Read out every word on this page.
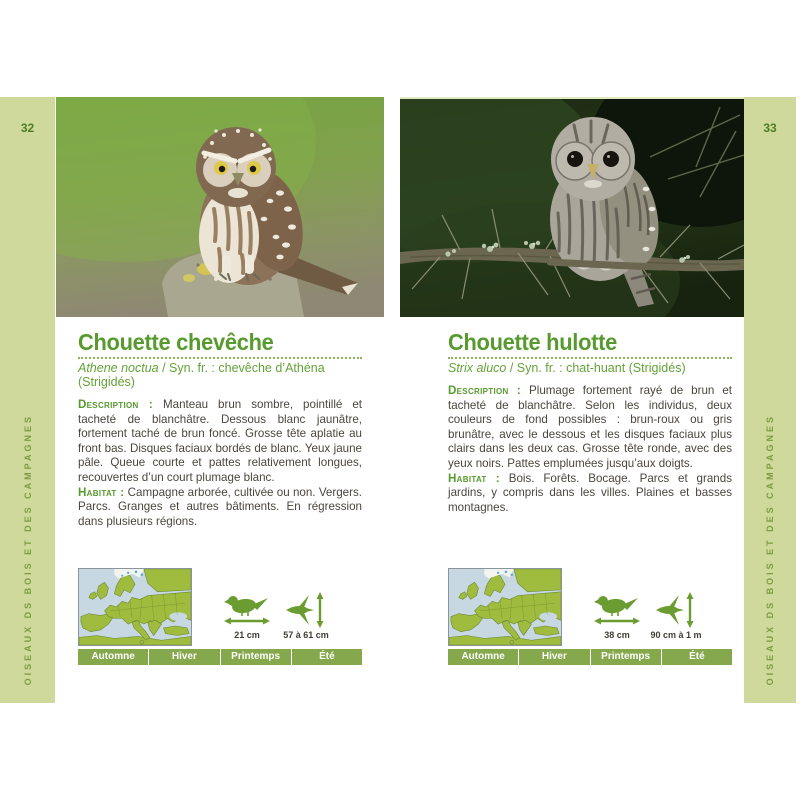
32
OISEAUX DS BOIS ET DES CAMPAGNES
33
OISEAUX DS BOIS ET DES CAMPAGNES
Chouette chevêche

Athene noctua / Syn. fr. : chevêche d’Athéna (Strigidés)

Description : Manteau brun sombre, pointillé et tacheté de blanchâtre. Dessous blanc jaunâtre, fortement taché de brun foncé. Grosse tête aplatie au front bas. Disques faciaux bordés de blanc. Yeux jaune pâle. Queue courte et pattes relativement longues, recouvertes d’un court plumage blanc.

Habitat : Campagne arborée, cultivée ou non. Vergers. Parcs. Granges et autres bâtiments. En régression dans plusieurs régions.

Chouette hulotte

Strix aluco / Syn. fr. : chat-huant (Strigidés)

Description : Plumage fortement rayé de brun et tacheté de blanchâtre. Selon les individus, deux couleurs de fond possibles : brun-roux ou gris brunâtre, avec le dessous et les disques faciaux plus clairs dans les deux cas. Grosse tête ronde, avec des yeux noirs. Pattes emplumées jusqu’aux doigts.

Habitat : Bois. Forêts. Bocage. Parcs et grands jardins, y compris dans les villes. Plaines et basses montagnes.

21 cm	57 à 61 cm
Automne	Hiver	Printemps	Été
38 cm	90 cm à 1 m
Automne	Hiver	Printemps	Été
